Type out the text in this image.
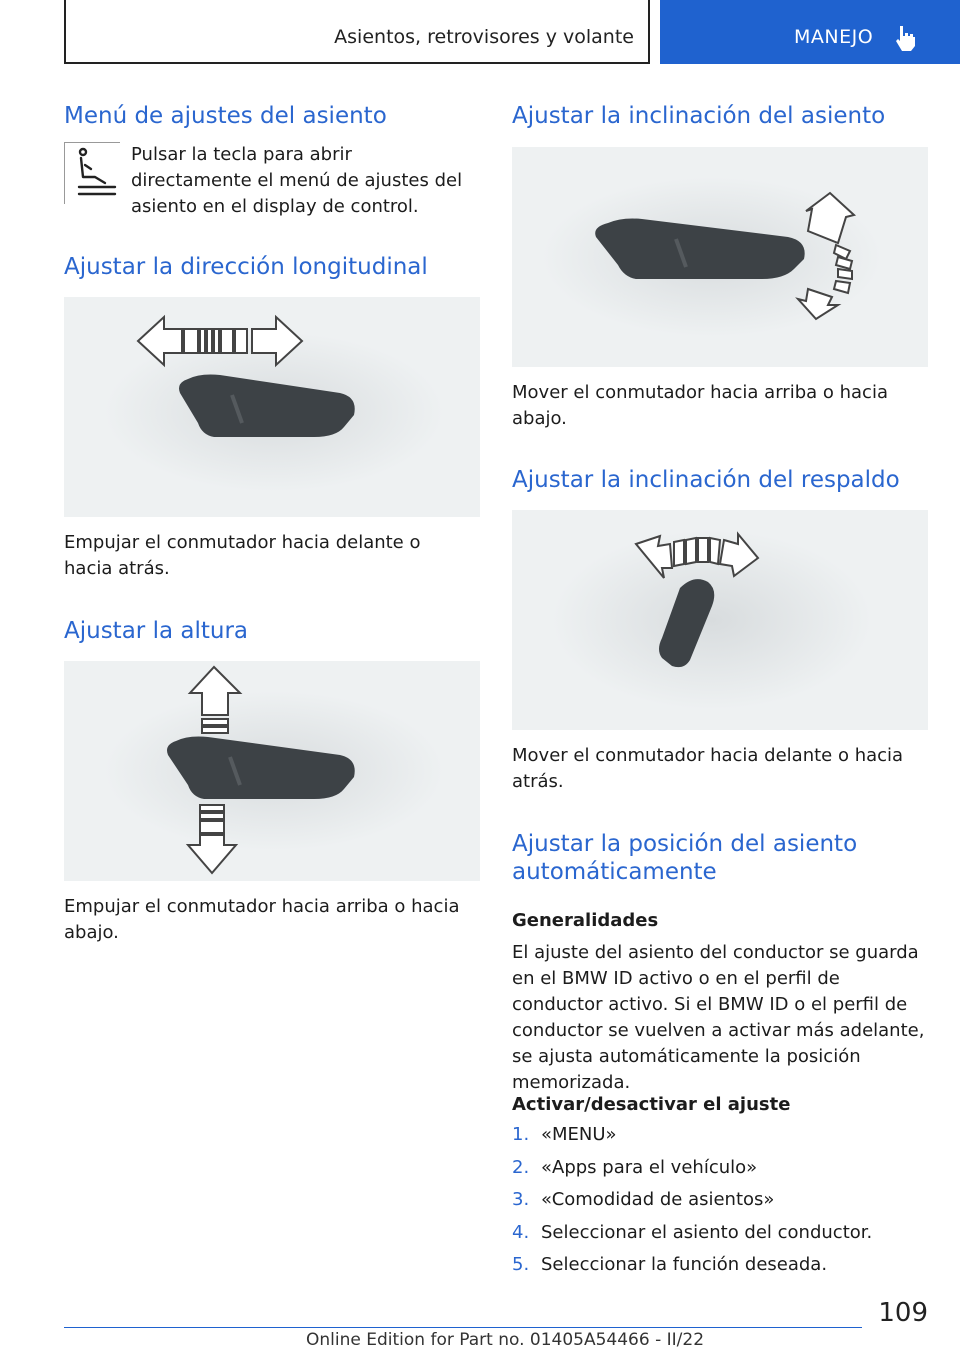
Asientos, retrovisores y volante	MANEJO
Menú de ajustes del asiento

Pulsar la tecla para abrir directamente el menú de ajustes del asiento en el display de control.

Ajustar la dirección longitudinal

Empujar el conmutador hacia delante o hacia atrás.

Ajustar la altura

Empujar el conmutador hacia arriba o hacia abajo.

Ajustar la inclinación del asiento

Mover el conmutador hacia arriba o hacia abajo.

Ajustar la inclinación del respaldo

Mover el conmutador hacia delante o hacia atrás.

Ajustar la posición del asiento automáticamente
Generalidades

El ajuste del asiento del conductor se guarda en el BMW ID activo o en el perfil de conductor activo. Si el BMW ID o el perfil de conductor se vuelven a activar más adelante, se ajusta automáticamente la posición memorizada.

Activar/desactivar el ajuste
1. «MENU»
2. «Apps para el vehículo»
3. «Comodidad de asientos»
4. Seleccionar el asiento del conductor.
5. Seleccionar la función deseada.
109
Online Edition for Part no. 01405A54466 - II/22
